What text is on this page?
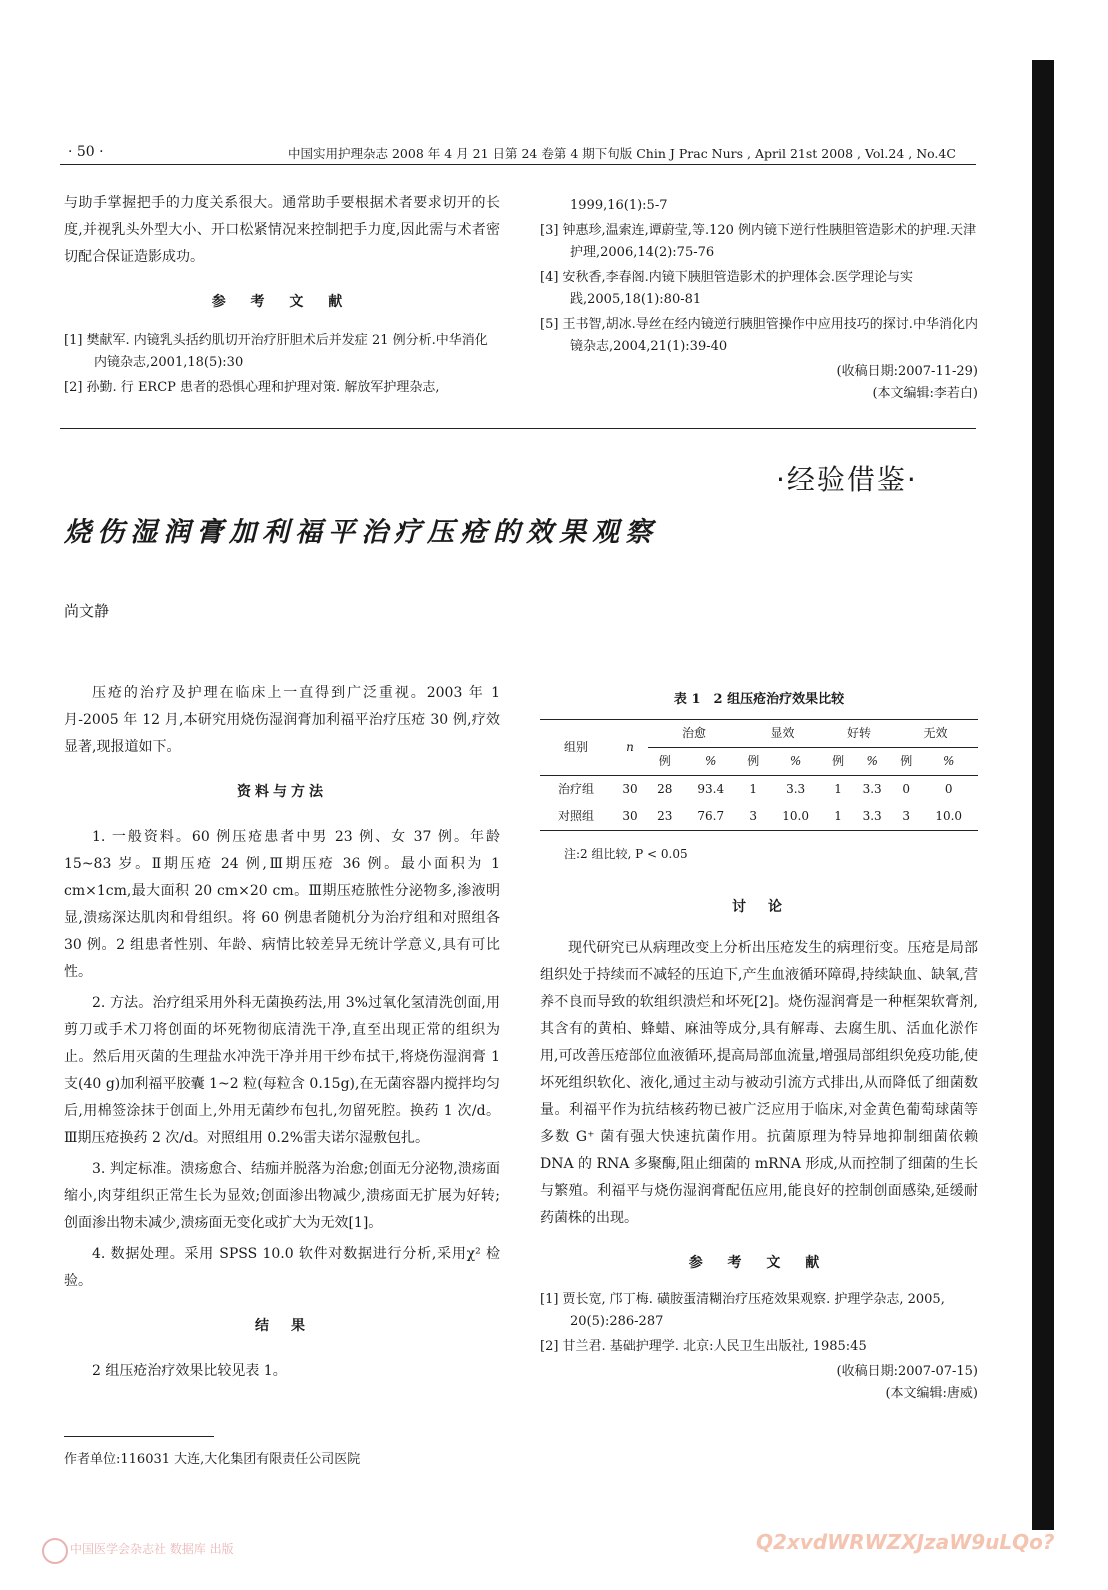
· 50 ·	中国实用护理杂志 2008 年 4 月 21 日第 24 卷第 4 期下旬版 Chin J Prac Nurs , April 21st 2008 , Vol.24 , No.4C

与助手掌握把手的力度关系很大。通常助手要根据术者要求切开的长度,并视乳头外型大小、开口松紧情况来控制把手力度,因此需与术者密切配合保证造影成功。

参 考 文 献
[1] 樊献军. 内镜乳头括约肌切开治疗肝胆术后并发症 21 例分析.中华消化内镜杂志,2001,18(5):30
[2] 孙勤. 行 ERCP 患者的恐惧心理和护理对策. 解放军护理杂志,
1999,16(1):5-7
[3] 钟惠珍,温索连,谭蔚莹,等.120 例内镜下逆行性胰胆管造影术的护理.天津护理,2006,14(2):75-76
[4] 安秋香,李春阁.内镜下胰胆管造影术的护理体会.医学理论与实践,2005,18(1):80-81
[5] 王书智,胡冰.导丝在经内镜逆行胰胆管操作中应用技巧的探讨.中华消化内镜杂志,2004,21(1):39-40
(收稿日期:2007-11-29)
(本文编辑:李若白)
·经验借鉴·
烧伤湿润膏加利福平治疗压疮的效果观察
尚文静

压疮的治疗及护理在临床上一直得到广泛重视。2003 年 1 月-2005 年 12 月,本研究用烧伤湿润膏加利福平治疗压疮 30 例,疗效显著,现报道如下。

资料与方法

1. 一般资料。60 例压疮患者中男 23 例、女 37 例。年龄 15~83 岁。Ⅱ期压疮 24 例,Ⅲ期压疮 36 例。最小面积为 1 cm×1cm,最大面积 20 cm×20 cm。Ⅲ期压疮脓性分泌物多,渗液明显,溃疡深达肌肉和骨组织。将 60 例患者随机分为治疗组和对照组各 30 例。2 组患者性别、年龄、病情比较差异无统计学意义,具有可比性。

2. 方法。治疗组采用外科无菌换药法,用 3%过氧化氢清洗创面,用剪刀或手术刀将创面的坏死物彻底清洗干净,直至出现正常的组织为止。然后用灭菌的生理盐水冲洗干净并用干纱布拭干,将烧伤湿润膏 1 支(40 g)加利福平胶囊 1~2 粒(每粒含 0.15g),在无菌容器内搅拌均匀后,用棉签涂抹于创面上,外用无菌纱布包扎,勿留死腔。换药 1 次/d。Ⅲ期压疮换药 2 次/d。对照组用 0.2%雷夫诺尔湿敷包扎。

3. 判定标准。溃疡愈合、结痂并脱落为治愈;创面无分泌物,溃疡面缩小,肉芽组织正常生长为显效;创面渗出物减少,溃疡面无扩展为好转;创面渗出物未减少,溃疡面无变化或扩大为无效[1]。

4. 数据处理。采用 SPSS 10.0 软件对数据进行分析,采用χ² 检验。

结　果

2 组压疮治疗效果比较见表 1。

表 1　2 组压疮治疗效果比较
组别	n	治愈		显效		好转		无效	
		例	%	例	%	例	%	例	%
治疗组	30	28	93.4	1	3.3	1	3.3	0	0
对照组	30	23	76.7	3	10.0	1	3.3	3	10.0
注:2 组比较, P < 0.05
讨　论

现代研究已从病理改变上分析出压疮发生的病理衍变。压疮是局部组织处于持续而不减轻的压迫下,产生血液循环障碍,持续缺血、缺氧,营养不良而导致的软组织溃烂和坏死[2]。烧伤湿润膏是一种框架软膏剂,其含有的黄柏、蜂蜡、麻油等成分,具有解毒、去腐生肌、活血化淤作用,可改善压疮部位血液循环,提高局部血流量,增强局部组织免疫功能,使坏死组织软化、液化,通过主动与被动引流方式排出,从而降低了细菌数量。利福平作为抗结核药物已被广泛应用于临床,对金黄色葡萄球菌等多数 G⁺ 菌有强大快速抗菌作用。抗菌原理为特异地抑制细菌依赖 DNA 的 RNA 多聚酶,阻止细菌的 mRNA 形成,从而控制了细菌的生长与繁殖。利福平与烧伤湿润膏配伍应用,能良好的控制创面感染,延缓耐药菌株的出现。

参 考 文 献
[1] 贾长宽, 邝丁梅. 磺胺蛋清糊治疗压疮效果观察. 护理学杂志, 2005, 20(5):286-287
[2] 甘兰君. 基础护理学. 北京:人民卫生出版社, 1985:45
(收稿日期:2007-07-15)
(本文编辑:唐威)
作者单位:116031 大连,大化集团有限责任公司医院
中国医学会杂志社 数据库 出版	Q2xvdWRWZXJzaW9uLQo?
